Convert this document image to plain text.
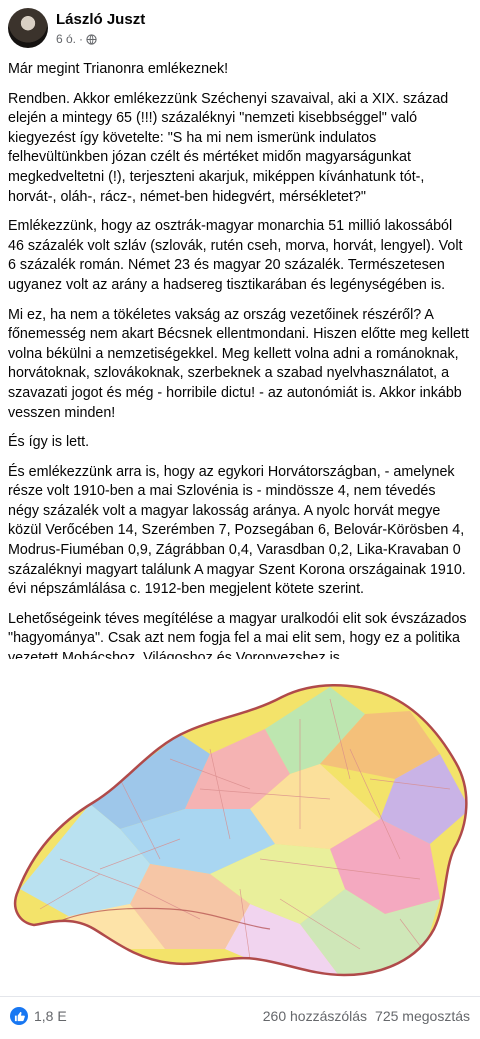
László Juszt
6 ó. ·

Már megint Trianonra emlékeznek!

Rendben. Akkor emlékezzünk Széchenyi szavaival, aki a XIX. század elején a mintegy 65 (!!!) százaléknyi "nemzeti kisebbséggel" való kiegyezést így követelte: "S ha mi nem ismerünk indulatos felhevültünkben józan czélt és mértéket midőn magyarságunkat megkedveltetni (!), terjeszteni akarjuk, miképpen kívánhatunk tót-, horvát-, oláh-, rácz-, német-ben hidegvért, mérsékletet?"

Emlékezzünk, hogy az osztrák-magyar monarchia 51 millió lakossából 46 százalék volt szláv (szlovák, rutén cseh, morva, horvát, lengyel). Volt 6 százalék román. Német 23 és magyar 20 százalék. Természetesen ugyanez volt az arány a hadsereg tisztikarában és legénységében is.

Mi ez, ha nem a tökéletes vakság az ország vezetőinek részéről? A főnemesség nem akart Bécsnek ellentmondani. Hiszen előtte meg kellett volna békülni a nemzetiségekkel. Meg kellett volna adni a románoknak, horvátoknak, szlovákoknak, szerbeknek a szabad nyelvhasználatot, a szavazati jogot és még - horribile dictu! - az autonómiát is. Akkor inkább vesszen minden!

És így is lett.

És emlékezzünk arra is, hogy az egykori Horvátországban, - amelynek része volt 1910-ben a mai Szlovénia is - mindössze 4, nem tévedés négy százalék volt a magyar lakosság aránya. A nyolc horvát megye közül Verőcében 14, Szerémben 7, Pozsegában 6, Belovár-Körösben 4, Modrus-Fiuméban 0,9, Zágrábban 0,4, Varasdban 0,2, Lika-Kravaban 0 százaléknyi magyart találunk A magyar Szent Korona országainak 1910. évi népszámlálása c. 1912-ben megjelent kötete szerint.

Lehetőségeink téves megítélése a magyar uralkodói elit sok évszázados "hagyománya". Csak azt nem fogja fel a mai elit sem, hogy ez a politika

1,8 E	260 hozzászólás 725 megosztás
